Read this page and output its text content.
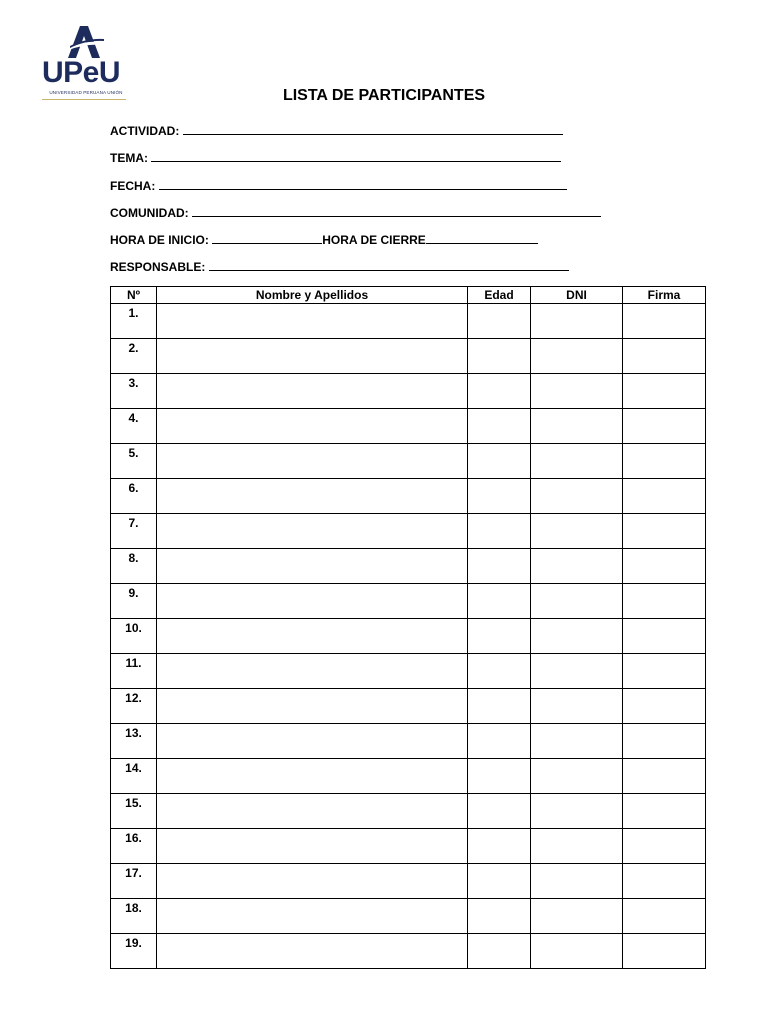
UPeU
UNIVERSIDAD PERUANA UNIÓN	LISTA DE PARTICIPANTES
ACTIVIDAD:
TEMA:
FECHA:
COMUNIDAD:
HORA DE INICIO:	HORA DE CIERRE
RESPONSABLE:
Nº	Nombre y Apellidos	Edad	DNI	Firma
1.				
2.				
3.				
4.				
5.				
6.				
7.				
8.				
9.				
10.				
11.				
12.				
13.				
14.				
15.				
16.				
17.				
18.				
19.				
